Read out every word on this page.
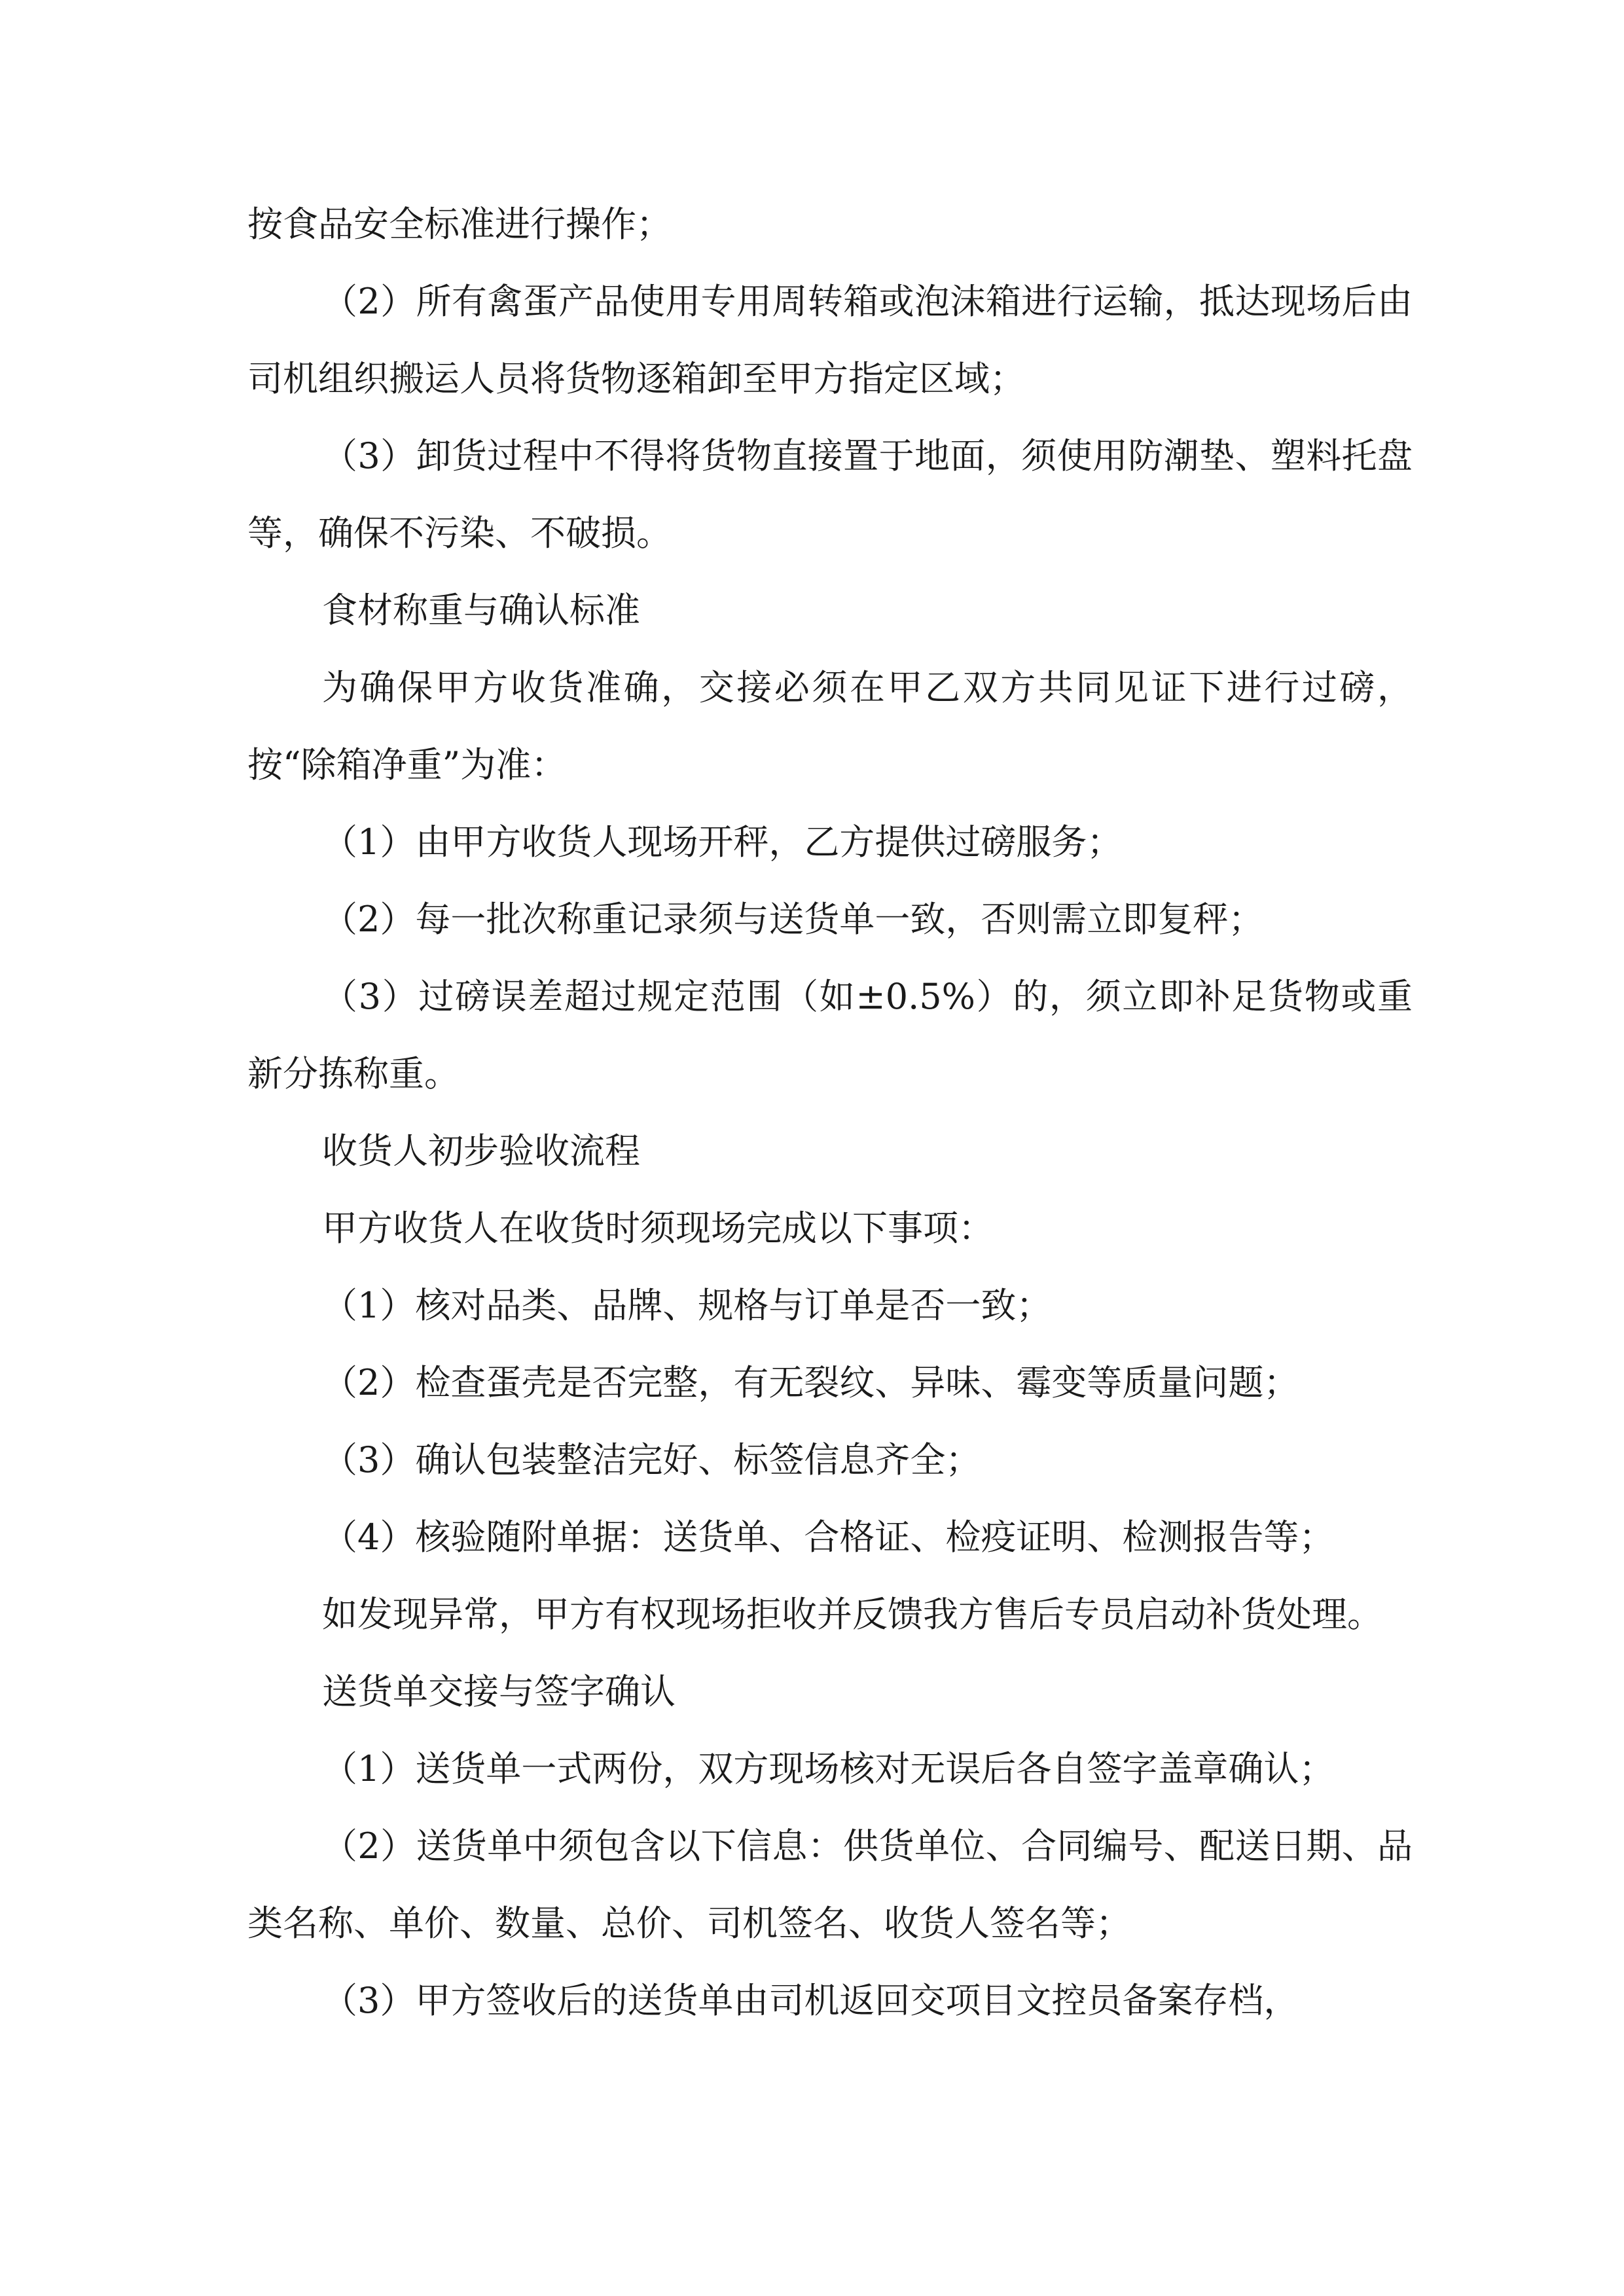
按食品安全标准进行操作；

（2）所有禽蛋产品使用专用周转箱或泡沫箱进行运输，抵达现场后由司机组织搬运人员将货物逐箱卸至甲方指定区域；

（3）卸货过程中不得将货物直接置于地面，须使用防潮垫、塑料托盘等，确保不污染、不破损。

食材称重与确认标准

为确保甲方收货准确，交接必须在甲乙双方共同见证下进行过磅，按“除箱净重”为准：

（1）由甲方收货人现场开秤，乙方提供过磅服务；

（2）每一批次称重记录须与送货单一致，否则需立即复秤；

（3）过磅误差超过规定范围（如±0.5%）的，须立即补足货物或重新分拣称重。

收货人初步验收流程

甲方收货人在收货时须现场完成以下事项：

（1）核对品类、品牌、规格与订单是否一致；

（2）检查蛋壳是否完整，有无裂纹、异味、霉变等质量问题；

（3）确认包装整洁完好、标签信息齐全；

（4）核验随附单据：送货单、合格证、检疫证明、检测报告等；

如发现异常，甲方有权现场拒收并反馈我方售后专员启动补货处理。

送货单交接与签字确认

（1）送货单一式两份，双方现场核对无误后各自签字盖章确认；

（2）送货单中须包含以下信息：供货单位、合同编号、配送日期、品类名称、单价、数量、总价、司机签名、收货人签名等；

（3）甲方签收后的送货单由司机返回交项目文控员备案存档，
